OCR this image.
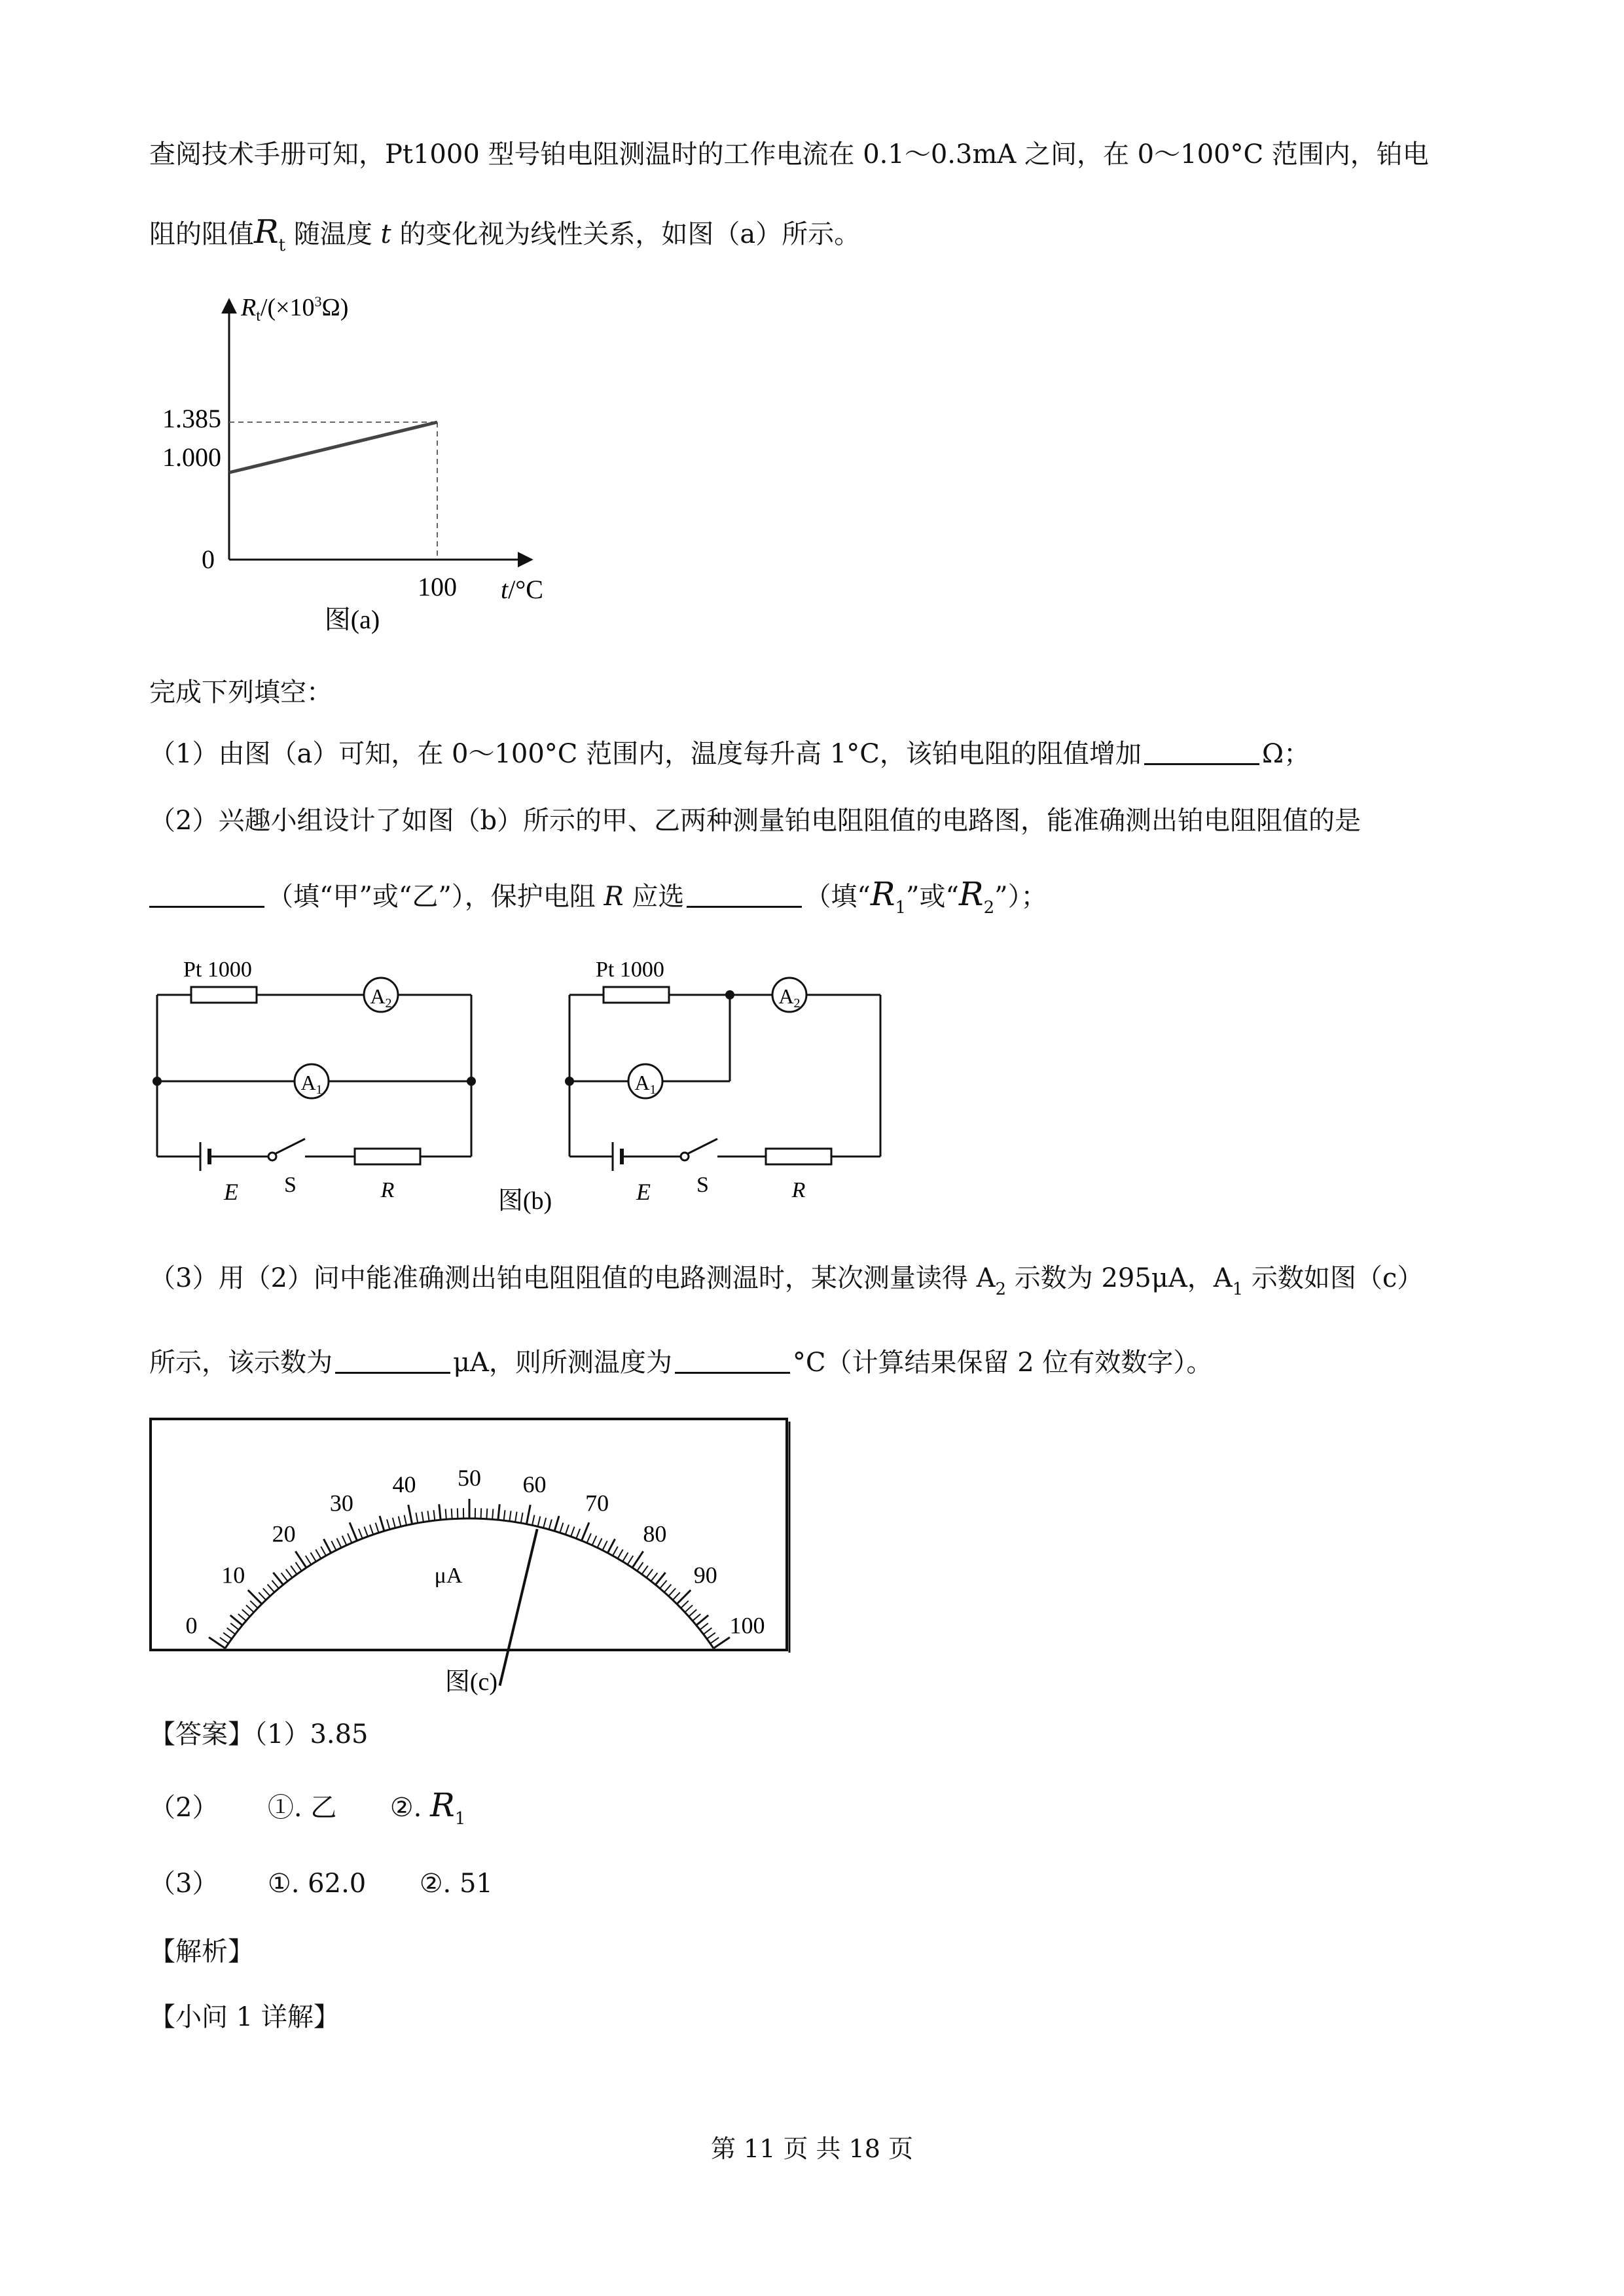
查阅技术手册可知，Pt1000 型号铂电阻测温时的工作电流在 0.1～0.3mA 之间，在 0～100°C 范围内，铂电
阻的阻值$R_t$ 随温度 t 的变化视为线性关系，如图（a）所示。
$R_t/(\times 10^3\Omega)$
1.385
1.000
0
100 t/°C
图(a)
完成下列填空：
（1）由图（a）可知，在 0～100°C 范围内，温度每升高 1°C，该铂电阻的阻值增加	Ω；
（2）兴趣小组设计了如图（b）所示的甲、乙两种测量铂电阻阻值的电路图，能准确测出铂电阻阻值的是
（填“甲”或“乙”），保护电阻 R 应选	（填“$R_1$”或“$R_2$”）；
Pt 1000
A2
A1
E S	R
Pt 1000
A2
A1
E S	R
图(b)
（3）用（2）问中能准确测出铂电阻阻值的电路测温时，某次测量读得 $A_2$ 示数为 295μA，$A_1$ 示数如图（c）
所示，该示数为	μA，则所测温度为	°C（计算结果保留 2 位有效数字）。
0
10
20
30
40 50 60
70
80
90
100
μA
图(c)
【答案】（1）3.85
（2） ①. 乙 ②. $R_1$
（3） ①. 62.0 ②. 51
【解析】
【小问 1 详解】
第 11 页 共 18 页
